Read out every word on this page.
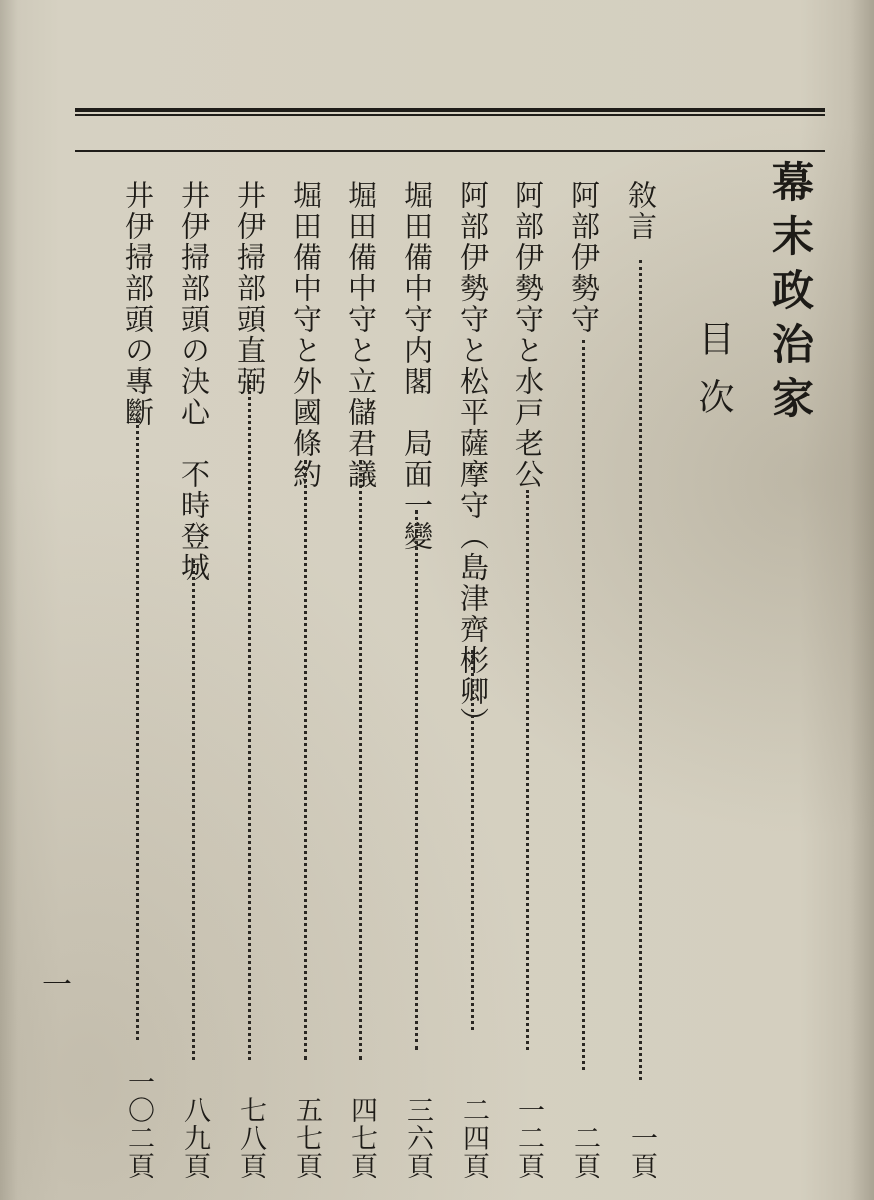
幕末政治家
目次
敘言
一頁
阿部伊勢守
二頁
阿部伊勢守と水戸老公
一二頁
阿部伊勢守と松平薩摩守（島津齊彬卿）
二四頁
堀田備中守内閣　局面一變
三六頁
堀田備中守と立儲君議
四七頁
堀田備中守と外國條約
五七頁
井伊掃部頭直弼
七八頁
井伊掃部頭の決心　不時登城
八九頁
井伊掃部頭の專斷
一〇二頁
一
